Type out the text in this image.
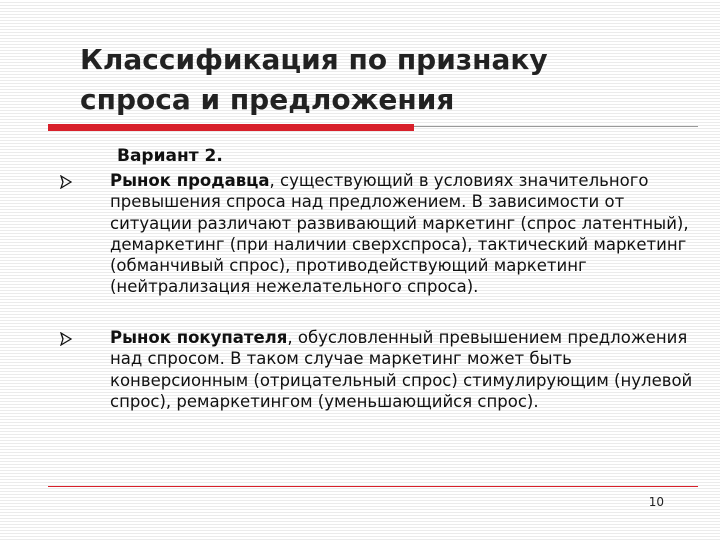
Классификация по признаку
спроса и предложения
Вариант 2.
Рынок продавца, существующий в условиях значительного превышения спроса над предложением. В зависимости от ситуации различают развивающий маркетинг (спрос латентный), демаркетинг (при наличии сверхспроса), тактический маркетинг (обманчивый спрос), противодействующий маркетинг (нейтрализация нежелательного спроса).
Рынок покупателя, обусловленный превышением предложения над спросом. В таком случае маркетинг может быть конверсионным (отрицательный спрос) стимулирующим (нулевой спрос), ремаркетингом (уменьшающийся спрос).
10
